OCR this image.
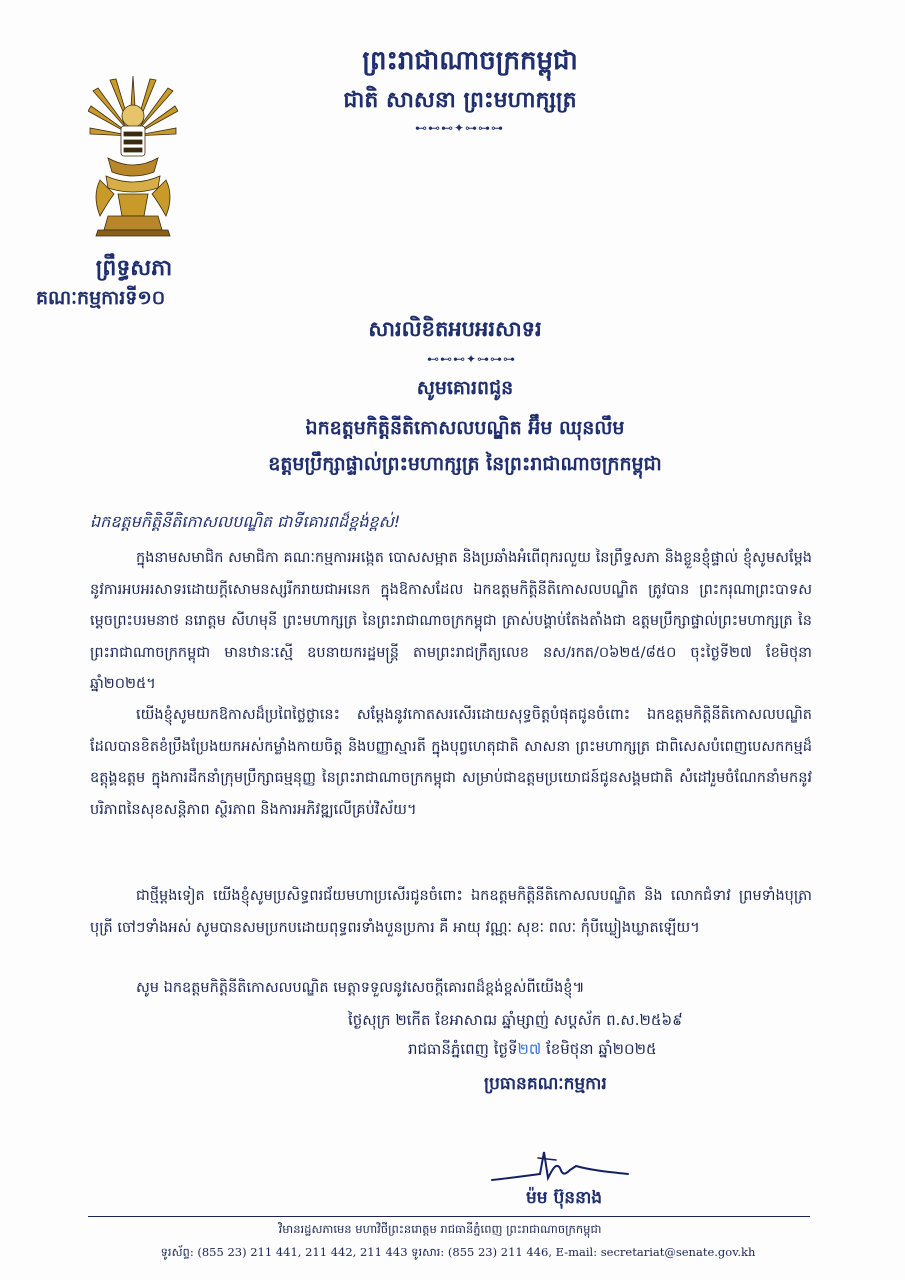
ព្រះរាជាណាចក្រកម្ពុជា
ជាតិ សាសនា ព្រះមហាក្សត្រ
⊷⊷⊷✦⊶⊶⊶
ព្រឹទ្ធសភា
គណៈកម្មការទី១០
សារលិខិតអបអរសាទរ
⊷⊷⊷✦⊶⊶⊶
សូមគោរពជូន
ឯកឧត្តមកិត្តិនីតិកោសលបណ្ឌិត អ៊ឹម ឈុនលឹម
ឧត្តមប្រឹក្សាផ្ទាល់ព្រះមហាក្សត្រ នៃព្រះរាជាណាចក្រកម្ពុជា
ឯកឧត្តមកិត្តិនីតិកោសលបណ្ឌិត ជាទីគោរពដ៏ខ្ពង់ខ្ពស់!
ក្នុងនាមសមាជិក សមាជិកា គណៈកម្មការអង្កេត បោសសម្អាត និងប្រឆាំងអំពើពុករលួយ នៃព្រឹទ្ធសភា និងខ្លួនខ្ញុំផ្ទាល់ ខ្ញុំសូមសម្តែងនូវការអបអរសាទរដោយក្តីសោមនស្សរីករាយជាអនេក ក្នុងឱកាសដែល ឯកឧត្តមកិត្តិនីតិកោសលបណ្ឌិត ត្រូវបាន ព្រះករុណាព្រះបាទសម្តេចព្រះបរមនាថ នរោត្តម សីហមុនី ព្រះមហាក្សត្រ នៃព្រះរាជាណាចក្រកម្ពុជា ត្រាស់បង្គាប់តែងតាំងជា ឧត្តមប្រឹក្សាផ្ទាល់ព្រះមហាក្សត្រ នៃព្រះរាជាណាចក្រកម្ពុជា មានឋានៈស្មើ ឧបនាយករដ្ឋមន្ត្រី តាមព្រះរាជក្រឹត្យលេខ នស/រកត/០៦២៥/៨៥០ ចុះថ្ងៃទី២៧ ខែមិថុនា ឆ្នាំ២០២៥។
យើងខ្ញុំសូមយកឱកាសដ៏ប្រពៃថ្លៃថ្លានេះ សម្តែងនូវកោតសរសើរដោយសុទ្ធចិត្តបំផុតជូនចំពោះ ឯកឧត្តមកិត្តិនីតិកោសលបណ្ឌិត ដែលបានខិតខំប្រឹងប្រែងយកអស់កម្លាំងកាយចិត្ត និងបញ្ញាស្មារតី ក្នុងបុព្វហេតុជាតិ សាសនា ព្រះមហាក្សត្រ ជាពិសេសបំពេញបេសកកម្មដ៏ឧត្តុង្គឧត្តម ក្នុងការដឹកនាំក្រុមប្រឹក្សាធម្មនុញ្ញ នៃព្រះរាជាណាចក្រកម្ពុជា សម្រាប់ជាឧត្តមប្រយោជន៍ជូនសង្គមជាតិ សំដៅរួមចំណែកនាំមកនូវបរិភាពនៃសុខសន្តិភាព ស្ថិរភាព និងការអភិវឌ្ឍលើគ្រប់វិស័យ។
ជាថ្មីម្តងទៀត យើងខ្ញុំសូមប្រសិទ្ធពរជ័យមហាប្រសើរជូនចំពោះ ឯកឧត្តមកិត្តិនីតិកោសលបណ្ឌិត និង លោកជំទាវ ព្រមទាំងបុត្រាបុត្រី ចៅៗទាំងអស់ សូមបានសមប្រកបដោយពុទ្ធពរទាំងបួនប្រការ គឺ អាយុ វណ្ណៈ សុខៈ ពលៈ កុំបីឃ្លៀងឃ្លាតឡើយ។
សូម ឯកឧត្តមកិត្តិនីតិកោសលបណ្ឌិត មេត្តាទទួលនូវសេចក្តីគោរពដ៏ខ្ពង់ខ្ពស់ពីយើងខ្ញុំ៕
ថ្ងៃសុក្រ ២កើត ខែអាសាឍ ឆ្នាំម្សាញ់ សប្តស័ក ព.ស.២៥៦៩
រាជធានីភ្នំពេញ ថ្ងៃទី២៧ ខែមិថុនា ឆ្នាំ២០២៥
ប្រធានគណៈកម្មការ
ម៉ម ប៊ុននាង
វិមានរដ្ឋសភាមេន មហាវិថីព្រះនរោត្តម រាជធានីភ្នំពេញ ព្រះរាជាណាចក្រកម្ពុជា
ទូរស័ព្ទ: (855 23) 211 441, 211 442, 211 443 ទូរសារ: (855 23) 211 446, E-mail: secretariat@senate.gov.kh
